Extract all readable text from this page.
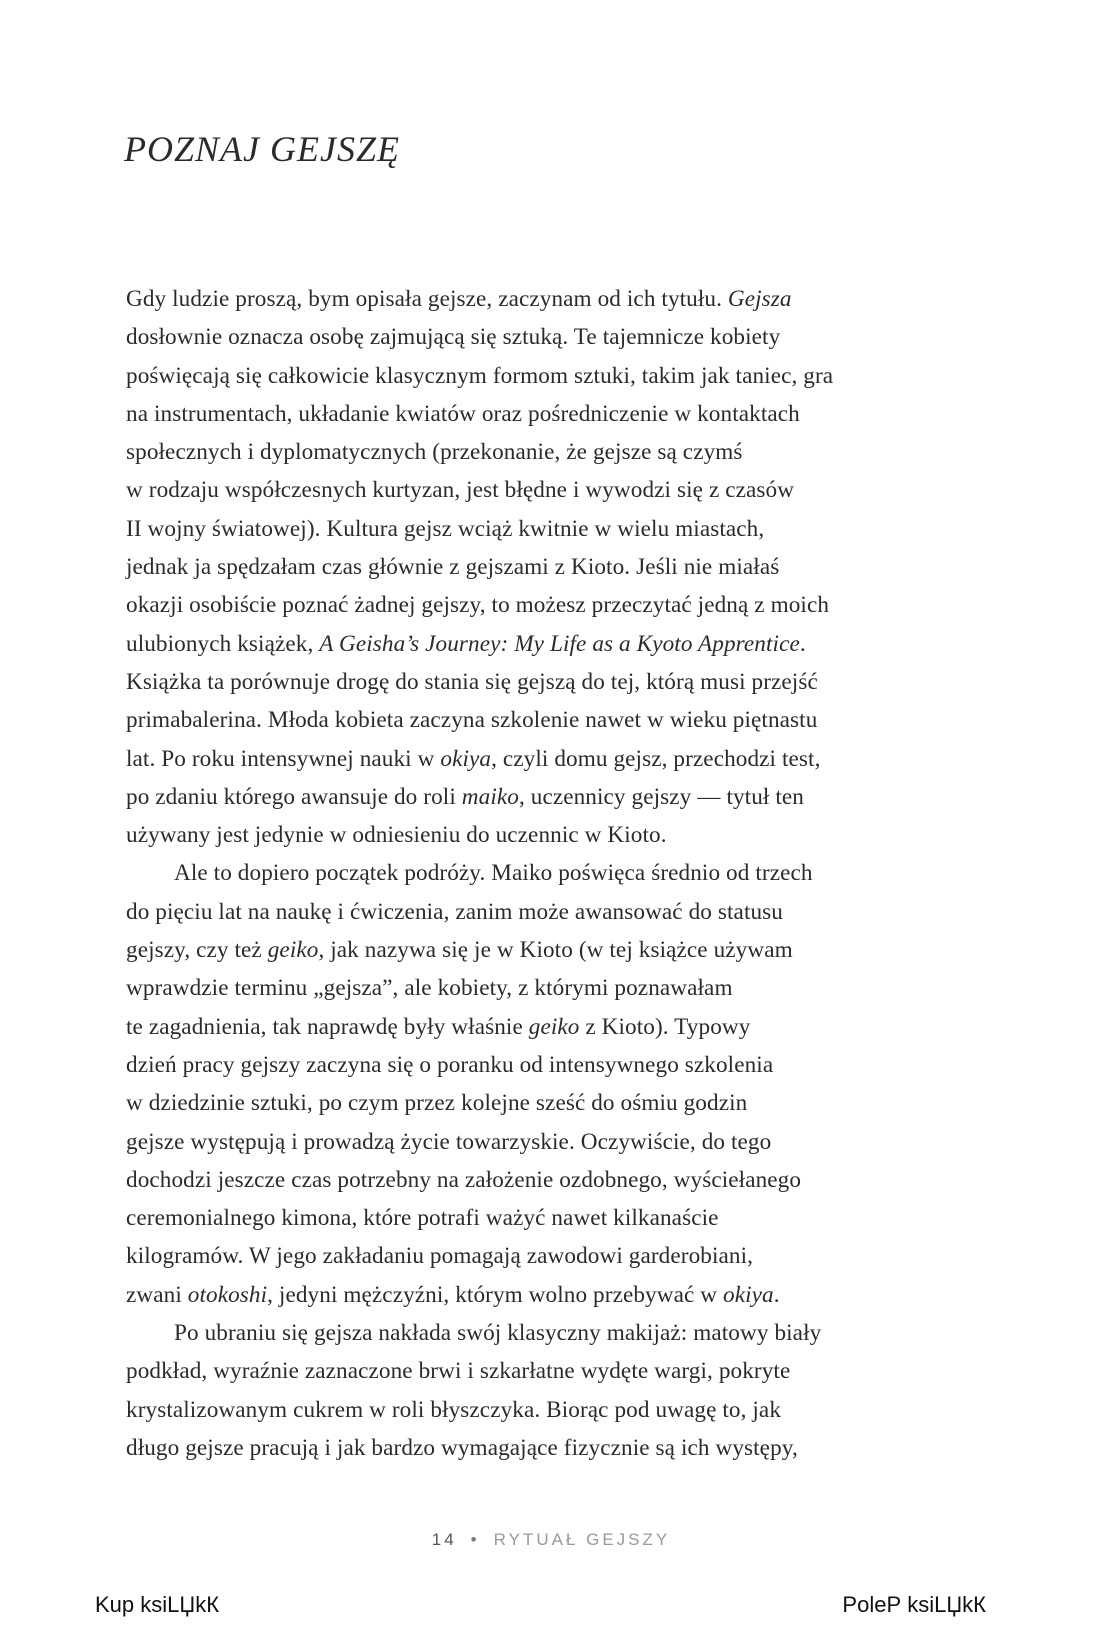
POZNAJ GEJSZĘ
Gdy ludzie proszą, bym opisała gejsze, zaczynam od ich tytułu. Gejsza
dosłownie oznacza osobę zajmującą się sztuką. Te tajemnicze kobiety
poświęcają się całkowicie klasycznym formom sztuki, takim jak taniec, gra
na instrumentach, układanie kwiatów oraz pośredniczenie w kontaktach
społecznych i dyplomatycznych (przekonanie, że gejsze są czymś
w rodzaju współczesnych kurtyzan, jest błędne i wywodzi się z czasów
II wojny światowej). Kultura gejsz wciąż kwitnie w wielu miastach,
jednak ja spędzałam czas głównie z gejszami z Kioto. Jeśli nie miałaś
okazji osobiście poznać żadnej gejszy, to możesz przeczytać jedną z moich
ulubionych książek, A Geisha’s Journey: My Life as a Kyoto Apprentice.
Książka ta porównuje drogę do stania się gejszą do tej, którą musi przejść
primabalerina. Młoda kobieta zaczyna szkolenie nawet w wieku piętnastu
lat. Po roku intensywnej nauki w okiya, czyli domu gejsz, przechodzi test,
po zdaniu którego awansuje do roli maiko, uczennicy gejszy — tytuł ten
używany jest jedynie w odniesieniu do uczennic w Kioto.
Ale to dopiero początek podróży. Maiko poświęca średnio od trzech
do pięciu lat na naukę i ćwiczenia, zanim może awansować do statusu
gejszy, czy też geiko, jak nazywa się je w Kioto (w tej książce używam
wprawdzie terminu „gejsza”, ale kobiety, z którymi poznawałam
te zagadnienia, tak naprawdę były właśnie geiko z Kioto). Typowy
dzień pracy gejszy zaczyna się o poranku od intensywnego szkolenia
w dziedzinie sztuki, po czym przez kolejne sześć do ośmiu godzin
gejsze występują i prowadzą życie towarzyskie. Oczywiście, do tego
dochodzi jeszcze czas potrzebny na założenie ozdobnego, wyściełanego
ceremonialnego kimona, które potrafi ważyć nawet kilkanaście
kilogramów. W jego zakładaniu pomagają zawodowi garderobiani,
zwani otokoshi, jedyni mężczyźni, którym wolno przebywać w okiya.
Po ubraniu się gejsza nakłada swój klasyczny makijaż: matowy biały
podkład, wyraźnie zaznaczone brwi i szkarłatne wydęte wargi, pokryte
krystalizowanym cukrem w roli błyszczyka. Biorąc pod uwagę to, jak
długo gejsze pracują i jak bardzo wymagające fizycznie są ich występy,
14 • RYTUAŁ GEJSZY
Kup ksiLЏkК	PoleР ksiLЏkК
